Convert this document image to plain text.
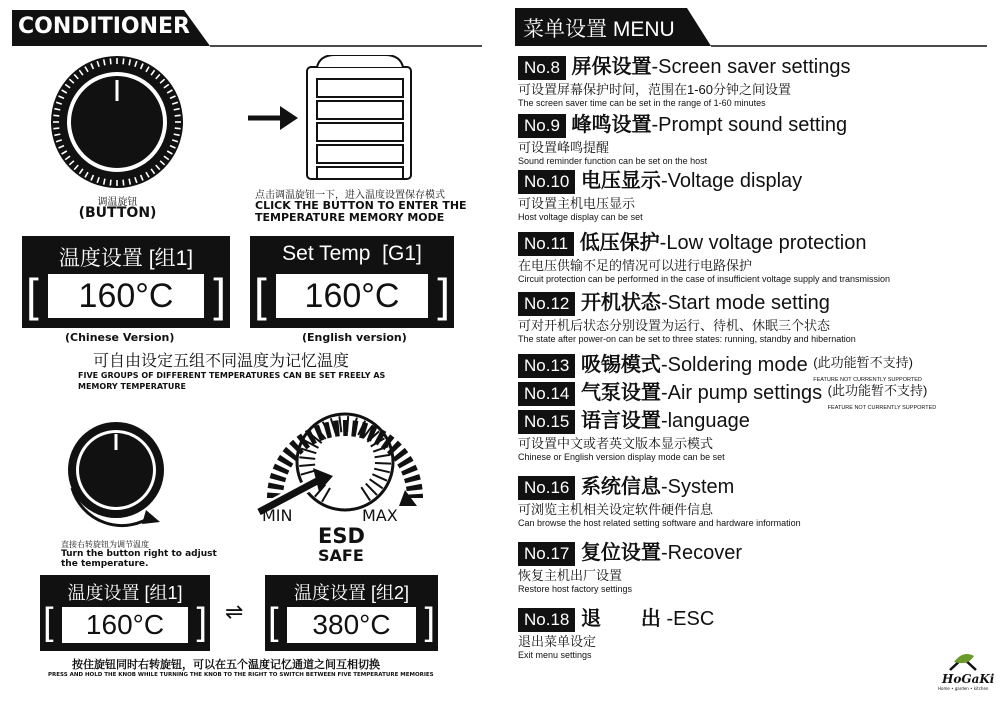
CONDITIONER
调温旋钮
(BUTTON)
点击调温旋钮一下，进入温度设置保存模式
CLICK THE BUTTON TO ENTER THE
TEMPERATURE MEMORY MODE
温度设置 [组1]
[	160°C ]
Set Temp  [G1]
[	160°C ]
(Chinese Version)	(English version)
可自由设定五组不同温度为记忆温度
FIVE GROUPS OF DIFFERENT TEMPERATURES CAN BE SET FREELY AS
MEMORY TEMPERATURE
直接右转旋钮为调节温度
Turn the button right to adjust
the temperature.
MIN	MAX
ESD
SAFE
温度设置 [组1]
[	160°C ] ⇌
温度设置 [组2]
[	380°C ]
按住旋钮同时右转旋钮，可以在五个温度记忆通道之间互相切换
PRESS AND HOLD THE KNOB WHILE TURNING THE KNOB TO THE RIGHT TO SWITCH BETWEEN FIVE TEMPERATURE MEMORIES
菜单设置 MENU
No.8 屏保设置-Screen saver settings
可设置屏幕保护时间，范围在1-60分钟之间设置
The screen saver time can be set in the range of 1-60 minutes
No.9 峰鸣设置-Prompt sound setting
可设置峰鸣提醒
Sound reminder function can be set on the host
No.10 电压显示-Voltage display
可设置主机电压显示
Host voltage display can be set
No.11 低压保护-Low voltage protection
在电压供输不足的情况可以进行电路保护
Circuit protection can be performed in the case of insufficient voltage supply and transmission
No.12 开机状态-Start mode setting
可对开机后状态分别设置为运行、待机、休眠三个状态
The state after power-on can be set to three states: running, standby and hibernation
No.13 吸锡模式-Soldering mode (此功能暂不支持)
FEATURE NOT CURRENTLY SUPPORTED
No.14 气泵设置-Air pump settings (此功能暂不支持)
FEATURE NOT CURRENTLY SUPPORTED
No.15 语言设置-language
可设置中文或者英文版本显示模式
Chinese or English version display mode can be set
No.16 系统信息-System
可浏览主机相关设定软件硬件信息
Can browse the host related setting software and hardware information
No.17 复位设置-Recover
恢复主机出厂设置
Restore host factory settings
No.18 退　　出 -ESC
退出菜单设定
Exit menu settings
HoGaKi
Home • garden • kitchen
